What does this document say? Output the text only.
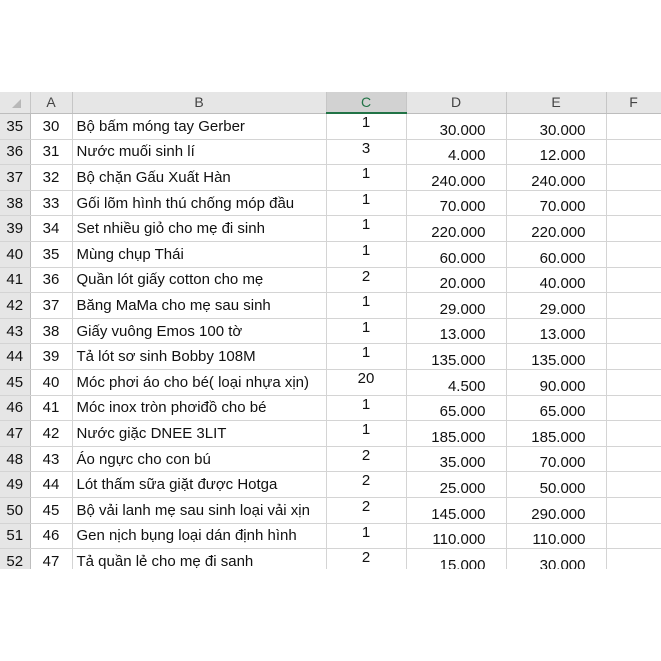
	A	B	C	D	E	F
35	30	Bộ bấm móng tay Gerber	1	30.000	30.000	
36	31	Nước muối sinh lí	3	4.000	12.000	
37	32	Bộ chặn Gấu Xuất Hàn	1	240.000	240.000	
38	33	Gối lõm hình thú chống móp đầu	1	70.000	70.000	
39	34	Set nhiều giỏ cho mẹ đi sinh	1	220.000	220.000	
40	35	Mùng chụp Thái	1	60.000	60.000	
41	36	Quần lót giấy cotton cho mẹ	2	20.000	40.000	
42	37	Băng MaMa cho mẹ sau sinh	1	29.000	29.000	
43	38	Giấy vuông Emos 100 tờ	1	13.000	13.000	
44	39	Tả lót sơ sinh Bobby 108M	1	135.000	135.000	
45	40	Móc phơi áo cho bé( loại nhựa xịn)	20	4.500	90.000	
46	41	Móc inox tròn phơiđồ cho bé	1	65.000	65.000	
47	42	Nước giặc DNEE 3LIT	1	185.000	185.000	
48	43	Áo ngực cho con bú	2	35.000	70.000	
49	44	Lót thấm sữa giặt được Hotga	2	25.000	50.000	
50	45	Bộ vải lanh mẹ sau sinh loại vải xịn	2	145.000	290.000	
51	46	Gen nịch bụng loại dán định hình	1	110.000	110.000	
52	47	Tả quần lẻ cho mẹ đi sanh	2	15.000	30.000	
